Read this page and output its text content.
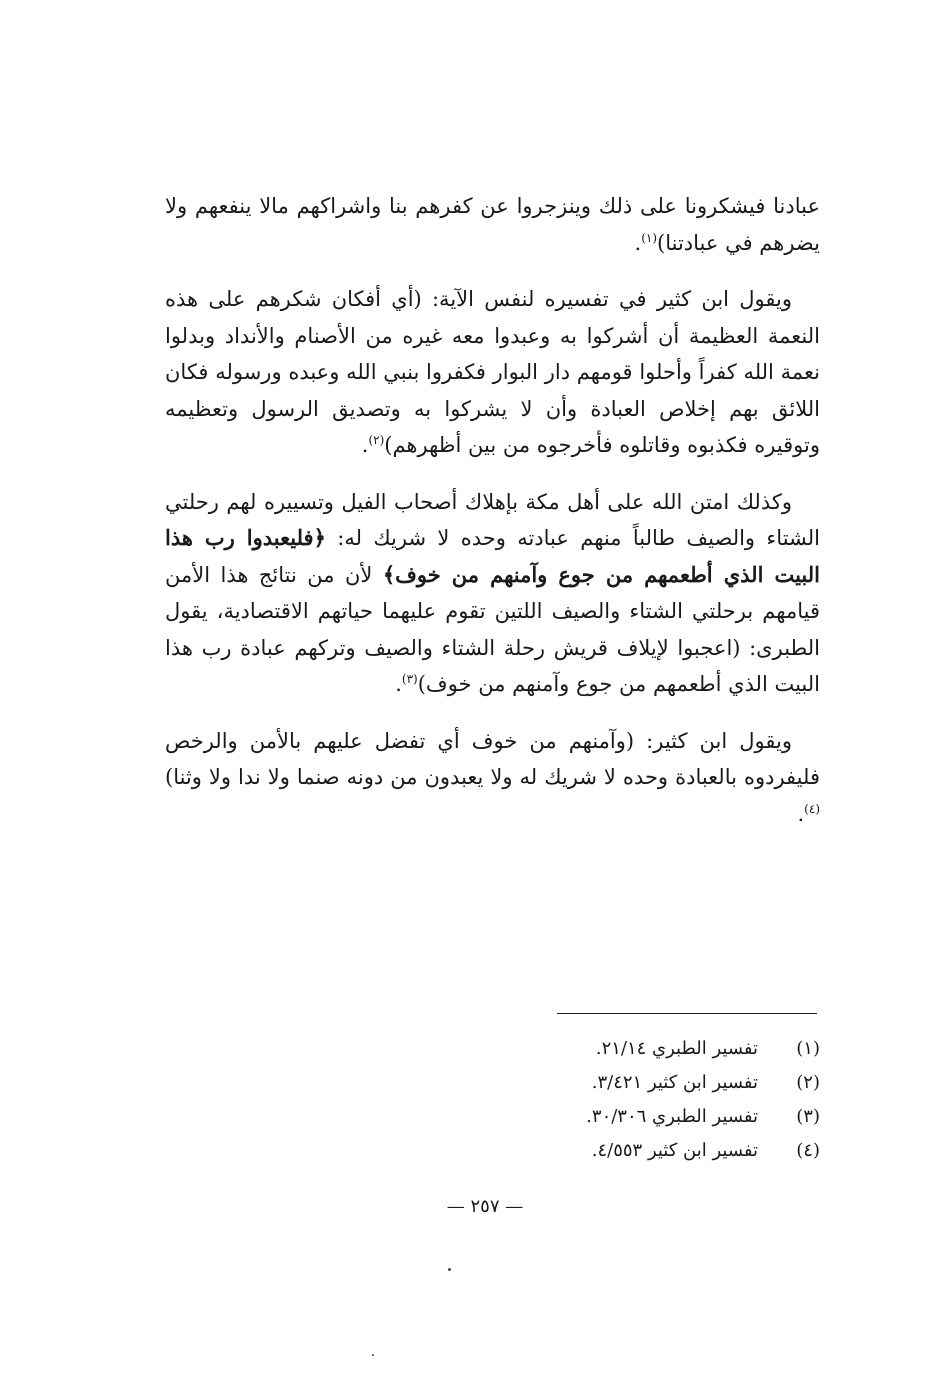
عبادنا فيشكرونا على ذلك وينزجروا عن كفرهم بنا واشراكهم مالا ينفعهم ولا يضرهم في عبادتنا)$^{(١)}$.

ويقول ابن كثير في تفسيره لنفس الآية: (أي أفكان شكرهم على هذه النعمة العظيمة أن أشركوا به وعبدوا معه غيره من الأصنام والأنداد وبدلوا نعمة الله كفراً وأحلوا قومهم دار البوار فكفروا بنبي الله وعبده ورسوله فكان اللائق بهم إخلاص العبادة وأن لا يشركوا به وتصديق الرسول وتعظيمه وتوقيره فكذبوه وقاتلوه فأخرجوه من بين أظهرهم)$^{(٢)}$.

وكذلك امتن الله على أهل مكة بإهلاك أصحاب الفيل وتسييره لهم رحلتي الشتاء والصيف طالباً منهم عبادته وحده لا شريك له: ﴿فليعبدوا رب هذا البيت الذي أطعمهم من جوع وآمنهم من خوف﴾ لأن من نتائج هذا الأمن قيامهم برحلتي الشتاء والصيف اللتين تقوم عليهما حياتهم الاقتصادية، يقول الطبرى: (اعجبوا لإيلاف قريش رحلة الشتاء والصيف وتركهم عبادة رب هذا البيت الذي أطعمهم من جوع وآمنهم من خوف)$^{(٣)}$.

ويقول ابن كثير: (وآمنهم من خوف أي تفضل عليهم بالأمن والرخص فليفردوه بالعبادة وحده لا شريك له ولا يعبدون من دونه صنما ولا ندا ولا وثنا)$^{(٤)}$.

(١)
تفسير الطبري ٢١/١٤.
(٢)
تفسير ابن كثير ٣/٤٢١.
(٣)
تفسير الطبري ٣٠/٣٠٦.
(٤)
تفسير ابن كثير ٤/٥٥٣.
— ٢٥٧ —
